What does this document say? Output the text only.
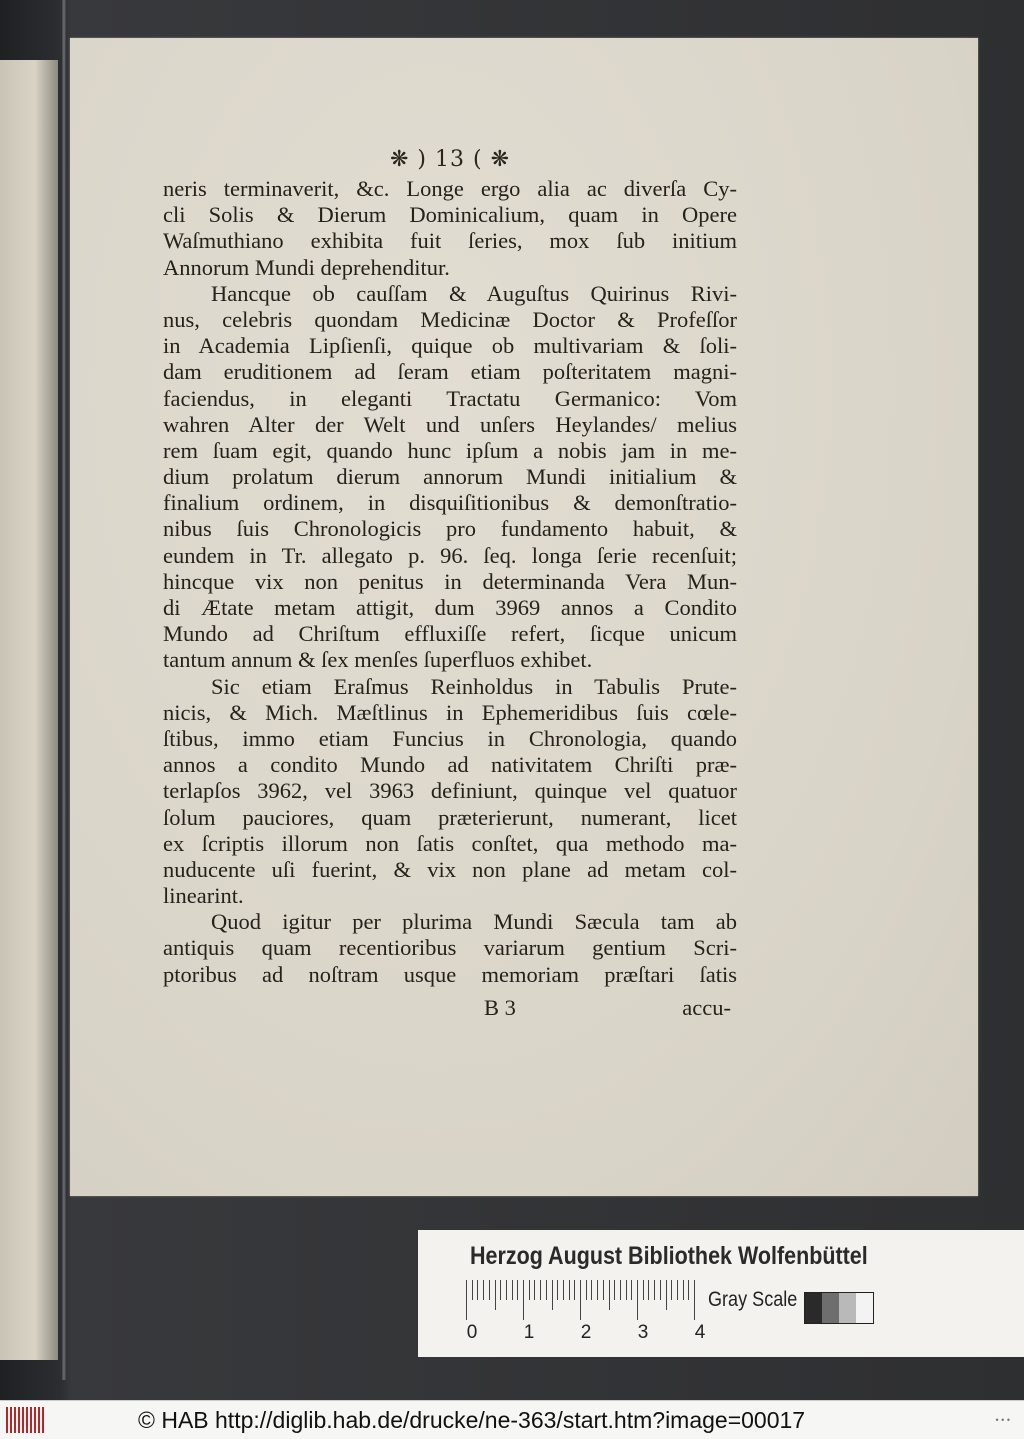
❋ ) 13 ( ❋
neris terminaverit, &c. Longe ergo alia ac diverſa Cy-
cli Solis & Dierum Dominicalium, quam in Opere
Waſmuthiano exhibita fuit ſeries, mox ſub initium
Annorum Mundi deprehenditur.
Hancque ob cauſſam & Auguſtus Quirinus Rivi-
nus, celebris quondam Medicinæ Doctor & Profeſſor
in Academia Lipſienſi, quique ob multivariam & ſoli-
dam eruditionem ad ſeram etiam poſteritatem magni-
faciendus, in eleganti Tractatu Germanico: Vom
wahren Alter der Welt und unſers Heylandes/ melius
rem ſuam egit, quando hunc ipſum a nobis jam in me-
dium prolatum dierum annorum Mundi initialium &
finalium ordinem, in disquiſitionibus & demonſtratio-
nibus ſuis Chronologicis pro fundamento habuit, &
eundem in Tr. allegato p. 96. ſeq. longa ſerie recenſuit;
hincque vix non penitus in determinanda Vera Mun-
di Ætate metam attigit, dum 3969 annos a Condito
Mundo ad Chriſtum effluxiſſe refert, ſicque unicum
tantum annum & ſex menſes ſuperfluos exhibet.
Sic etiam Eraſmus Reinholdus in Tabulis Prute-
nicis, & Mich. Mæſtlinus in Ephemeridibus ſuis cœle-
ſtibus, immo etiam Funcius in Chronologia, quando
annos a condito Mundo ad nativitatem Chriſti præ-
terlapſos 3962, vel 3963 definiunt, quinque vel quatuor
ſolum pauciores, quam præterierunt, numerant, licet
ex ſcriptis illorum non ſatis conſtet, qua methodo ma-
nuducente uſi fuerint, & vix non plane ad metam col-
linearint.
Quod igitur per plurima Mundi Sæcula tam ab
antiquis quam recentioribus variarum gentium Scri-
ptoribus ad noſtram usque memoriam præſtari ſatis
B 3	accu-
Herzog August Bibliothek Wolfenbüttel
0 1 2 3 4
Gray Scale
© HAB http://diglib.hab.de/drucke/ne-363/start.htm?image=00017	• • •
